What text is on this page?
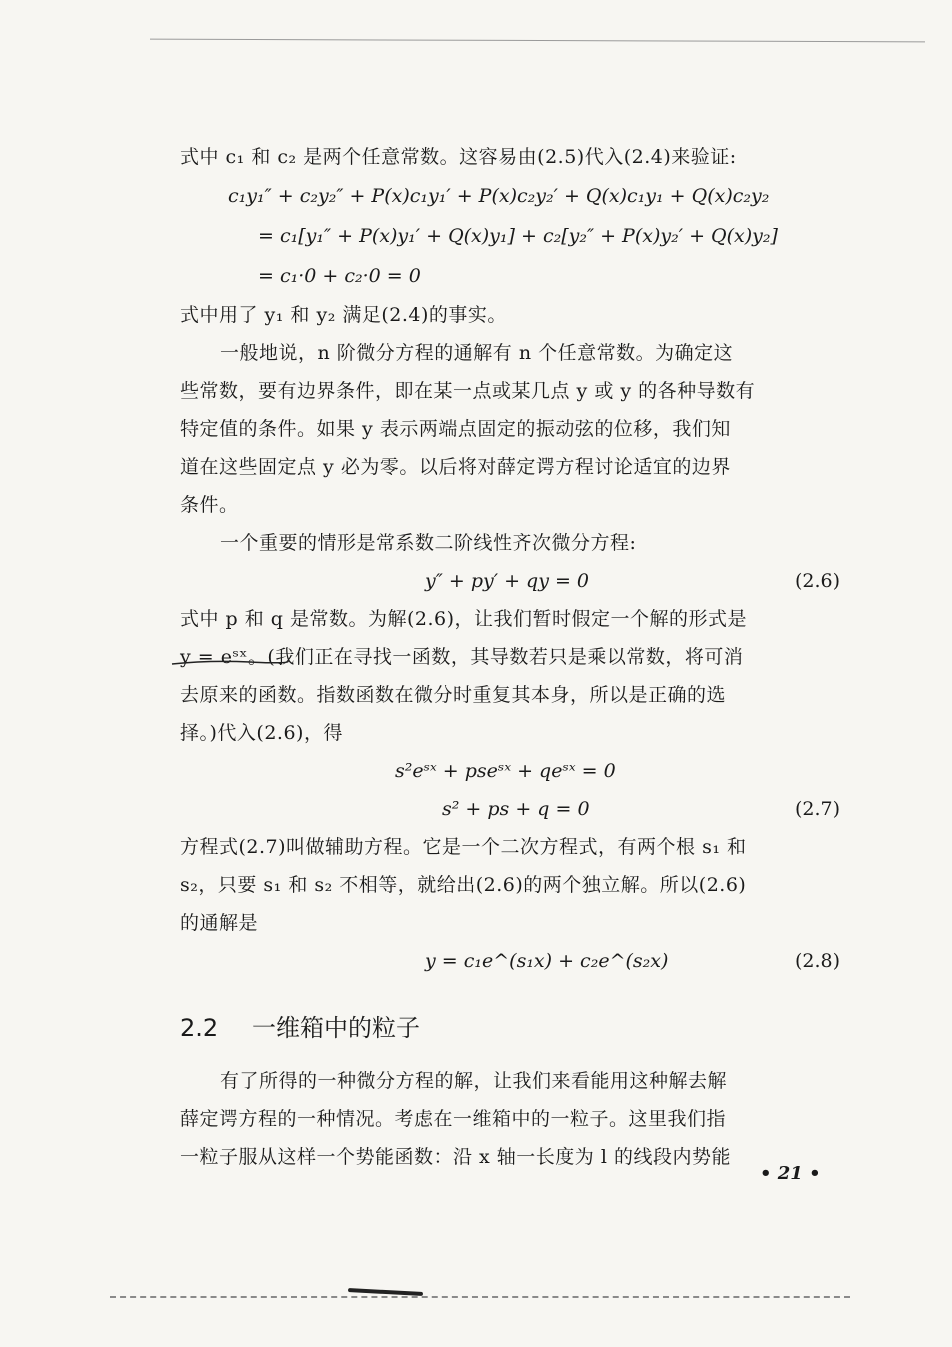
式中 c₁ 和 c₂ 是两个任意常数。这容易由(2.5)代入(2.4)来验证:
c₁y₁″ + c₂y₂″ + P(x)c₁y₁′ + P(x)c₂y₂′ + Q(x)c₁y₁ + Q(x)c₂y₂
= c₁[y₁″ + P(x)y₁′ + Q(x)y₁] + c₂[y₂″ + P(x)y₂′ + Q(x)y₂]
= c₁·0 + c₂·0 = 0
式中用了 y₁ 和 y₂ 满足(2.4)的事实。
一般地说，n 阶微分方程的通解有 n 个任意常数。为确定这
些常数，要有边界条件，即在某一点或某几点 y 或 y 的各种导数有
特定值的条件。如果 y 表示两端点固定的振动弦的位移，我们知
道在这些固定点 y 必为零。以后将对薛定谔方程讨论适宜的边界
条件。
一个重要的情形是常系数二阶线性齐次微分方程:
y″ + py′ + qy = 0	(2.6)
式中 p 和 q 是常数。为解(2.6)，让我们暂时假定一个解的形式是
y = eˢˣ。(我们正在寻找一函数，其导数若只是乘以常数，将可消
去原来的函数。指数函数在微分时重复其本身，所以是正确的选
择。)代入(2.6)，得
s²eˢˣ + pseˢˣ + qeˢˣ = 0
s² + ps + q = 0	(2.7)
方程式(2.7)叫做辅助方程。它是一个二次方程式，有两个根 s₁ 和
s₂，只要 s₁ 和 s₂ 不相等，就给出(2.6)的两个独立解。所以(2.6)
的通解是
y = c₁e^(s₁x) + c₂e^(s₂x)	(2.8)
2.2 一维箱中的粒子
有了所得的一种微分方程的解，让我们来看能用这种解去解
薛定谔方程的一种情况。考虑在一维箱中的一粒子。这里我们指
一粒子服从这样一个势能函数：沿 x 轴一长度为 l 的线段内势能
• 21 •
